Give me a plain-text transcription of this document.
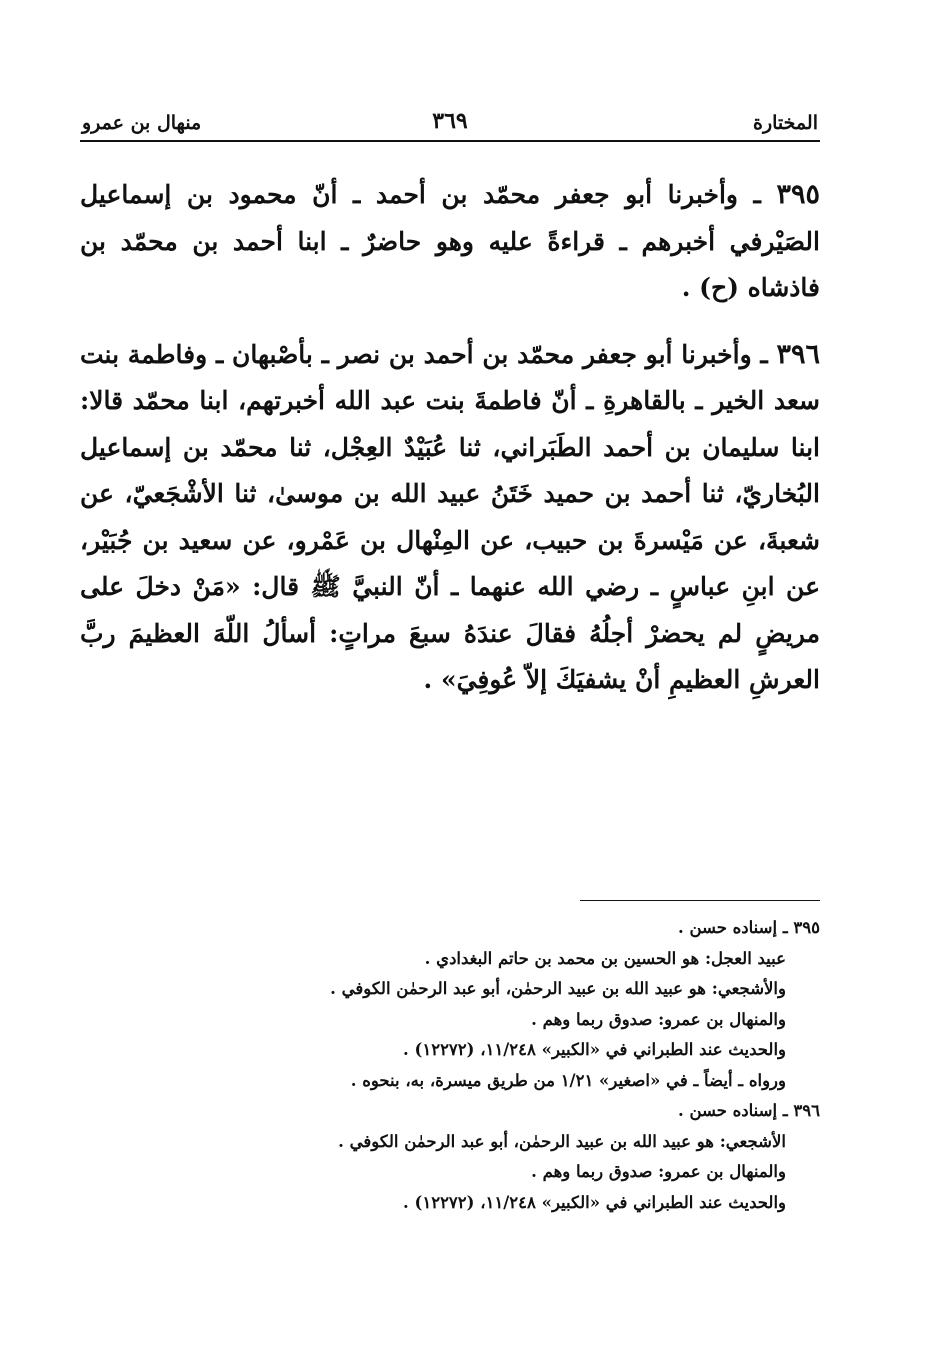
المختارة
٣٦٩
منهال بن عمرو

٣٩٥ ـ وأخبرنا أبو جعفر محمّد بن أحمد ـ أنّ محمود بن إسماعيل الصَيْرفي أخبرهم ـ قراءةً عليه وهو حاضرٌ ـ ابنا أحمد بن محمّد بن فاذشاه (ح) .

٣٩٦ ـ وأخبرنا أبو جعفر محمّد بن أحمد بن نصر ـ بأصْبهان ـ وفاطمة بنت سعد الخير ـ بالقاهرةِ ـ أنّ فاطمةَ بنت عبد الله أخبرتهم، ابنا محمّد قالا: ابنا سليمان بن أحمد الطَبَراني، ثنا عُبَيْدٌ العِجْل، ثنا محمّد بن إسماعيل البُخاريّ، ثنا أحمد بن حميد خَتَنُ عبيد الله بن موسىٰ، ثنا الأشْجَعيّ، عن شعبةَ، عن مَيْسرةَ بن حبيب، عن المِنْهال بن عَمْرو، عن سعيد بن جُبَيْر، عن ابنِ عباسٍ ـ رضي الله عنهما ـ أنّ النبيَّ ﷺ قال: «مَنْ دخلَ على مريضٍ لم يحضرْ أجلُهُ فقالَ عندَهُ سبعَ مراتٍ: أسألُ اللّهَ العظيمَ ربَّ العرشِ العظيمِ أنْ يشفيَكَ إلاّ عُوفِيَ» .

٣٩٥ ـ إسناده حسن .
عبيد العجل: هو الحسين بن محمد بن حاتم البغدادي .
والأشجعي: هو عبيد الله بن عبيد الرحمٰن، أبو عبد الرحمٰن الكوفي .
والمنهال بن عمرو: صدوق ربما وهم .
والحديث عند الطبراني في «الكبير» ١١/٢٤٨، (١٢٢٧٢) .
ورواه ـ أيضاً ـ في «اصغير» ١/٢١ من طريق ميسرة، به، بنحوه .
٣٩٦ ـ إسناده حسن .
الأشجعي: هو عبيد الله بن عبيد الرحمٰن، أبو عبد الرحمٰن الكوفي .
والمنهال بن عمرو: صدوق ربما وهم .
والحديث عند الطبراني في «الكبير» ١١/٢٤٨، (١٢٢٧٢) .
